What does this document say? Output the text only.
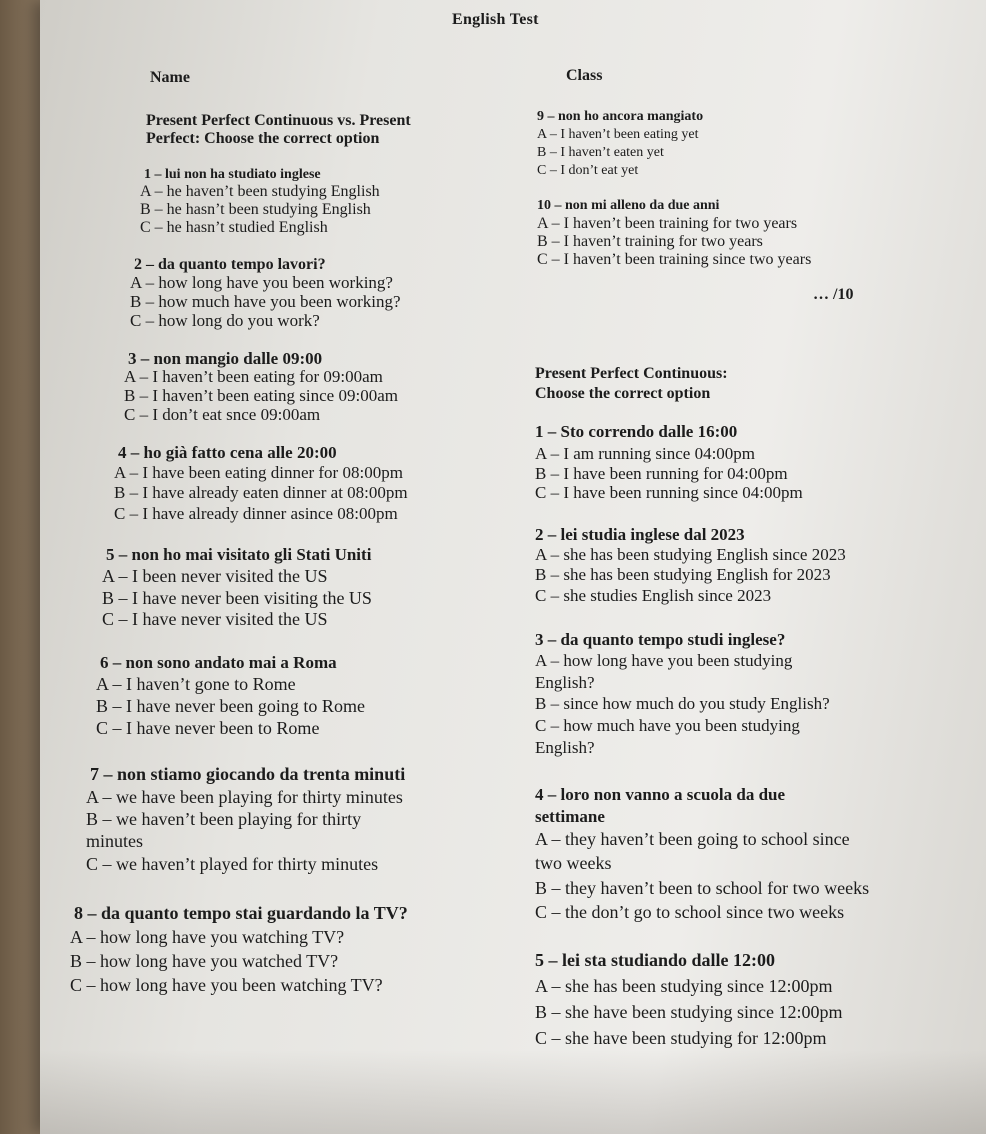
English Test
Name	Class
Present Perfect Continuous vs. Present
Perfect: Choose the correct option
1 – lui non ha studiato inglese
A – he haven’t been studying English
B – he hasn’t been studying English
C – he hasn’t studied English
2 – da quanto tempo lavori?
A – how long have you been working?
B – how much have you been working?
C – how long do you work?
3 – non mangio dalle 09:00
A – I haven’t been eating for 09:00am
B – I haven’t been eating since 09:00am
C – I don’t eat snce 09:00am
4 – ho già fatto cena alle 20:00
A – I have been eating dinner for 08:00pm
B – I have already eaten dinner at 08:00pm
C – I have already dinner asince 08:00pm
5 – non ho mai visitato gli Stati Uniti
A – I been never visited the US
B – I have never been visiting the US
C – I have never visited the US
6 – non sono andato mai a Roma
A – I haven’t gone to Rome
B – I have never been going to Rome
C – I have never been to Rome
7 – non stiamo giocando da trenta minuti
A – we have been playing for thirty minutes
B – we haven’t been playing for thirty
minutes
C – we haven’t played for thirty minutes
8 – da quanto tempo stai guardando la TV?
A – how long have you watching TV?
B – how long have you watched TV?
C – how long have you been watching TV?
9 – non ho ancora mangiato
A – I haven’t been eating yet
B – I haven’t eaten yet
C – I don’t eat yet
10 – non mi alleno da due anni
A – I haven’t been training for two years
B – I haven’t training for two years
C – I haven’t been training since two years
… /10
Present Perfect Continuous:
Choose the correct option
1 – Sto correndo dalle 16:00
A – I am running since 04:00pm
B – I have been running for 04:00pm
C – I have been running since 04:00pm
2 – lei studia inglese dal 2023
A – she has been studying English since 2023
B – she has been studying English for 2023
C – she studies English since 2023
3 – da quanto tempo studi inglese?
A – how long have you been studying
English?
B – since how much do you study English?
C – how much have you been studying
English?
4 – loro non vanno a scuola da due
settimane
A – they haven’t been going to school since
two weeks
B – they haven’t been to school for two weeks
C – the don’t go to school since two weeks
5 – lei sta studiando dalle 12:00
A – she has been studying since 12:00pm
B – she have been studying since 12:00pm
C – she have been studying for 12:00pm
